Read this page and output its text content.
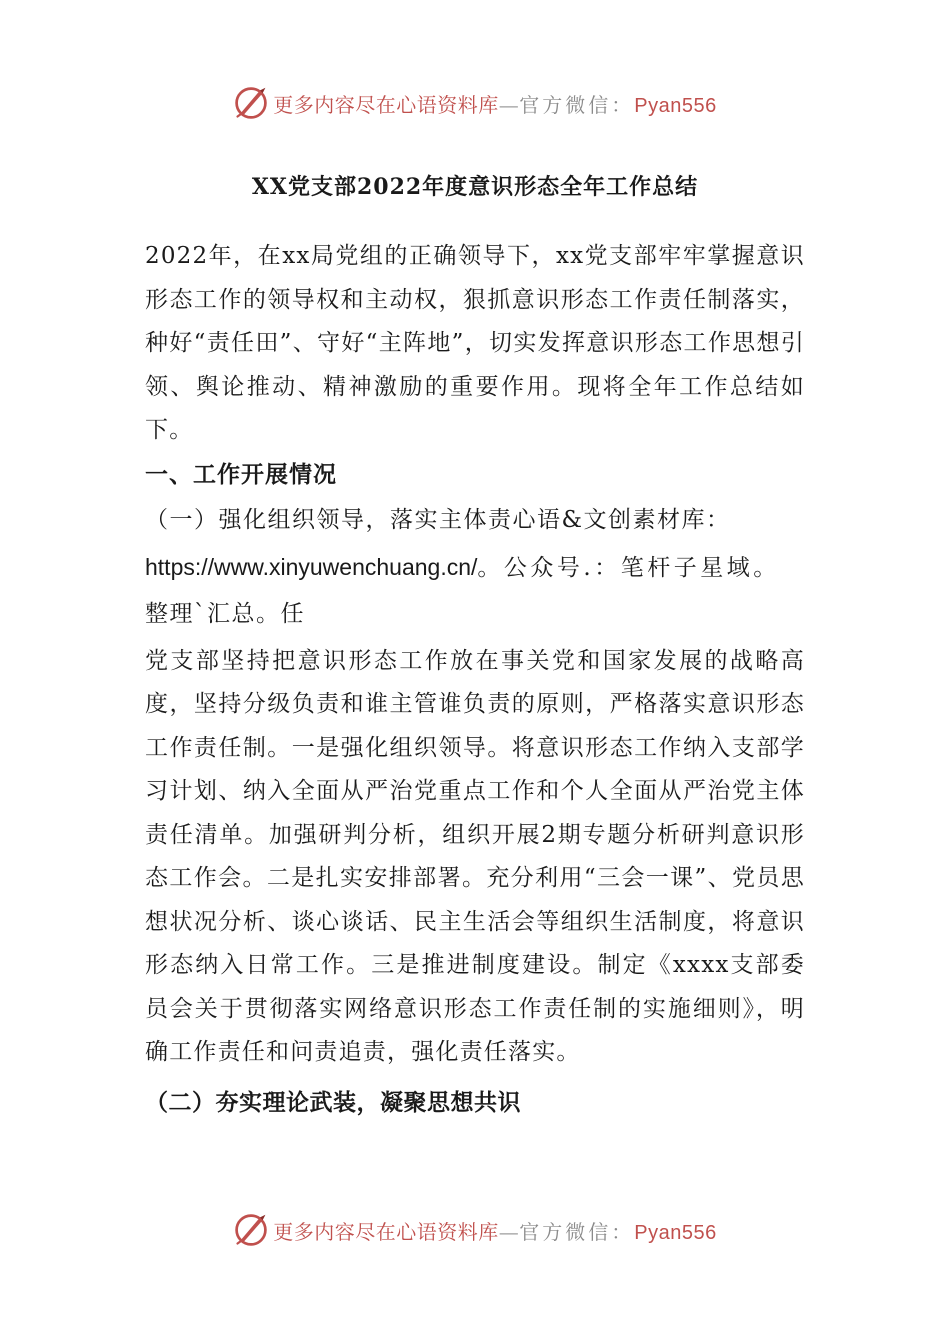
更多内容尽在心语资料库—官方微信：Pyan556
XX党支部2022年度意识形态全年工作总结

2022年，在xx局党组的正确领导下，xx党支部牢牢掌握意识形态工作的领导权和主动权，狠抓意识形态工作责任制落实，种好“责任田”、守好“主阵地”，切实发挥意识形态工作思想引领、舆论推动、精神激励的重要作用。现将全年工作总结如下。

一、工作开展情况

（一）强化组织领导，落实主体责心语&文创素材库：

https://www.xinyuwenchuang.cn/。公众号.：笔杆子星域。

整理`汇总。任

党支部坚持把意识形态工作放在事关党和国家发展的战略高度，坚持分级负责和谁主管谁负责的原则，严格落实意识形态工作责任制。一是强化组织领导。将意识形态工作纳入支部学习计划、纳入全面从严治党重点工作和个人全面从严治党主体责任清单。加强研判分析，组织开展2期专题分析研判意识形态工作会。二是扎实安排部署。充分利用“三会一课”、党员思想状况分析、谈心谈话、民主生活会等组织生活制度，将意识形态纳入日常工作。三是推进制度建设。制定《xxxx支部委员会关于贯彻落实网络意识形态工作责任制的实施细则》，明确工作责任和问责追责，强化责任落实。

（二）夯实理论武装，凝聚思想共识

更多内容尽在心语资料库—官方微信：Pyan556
